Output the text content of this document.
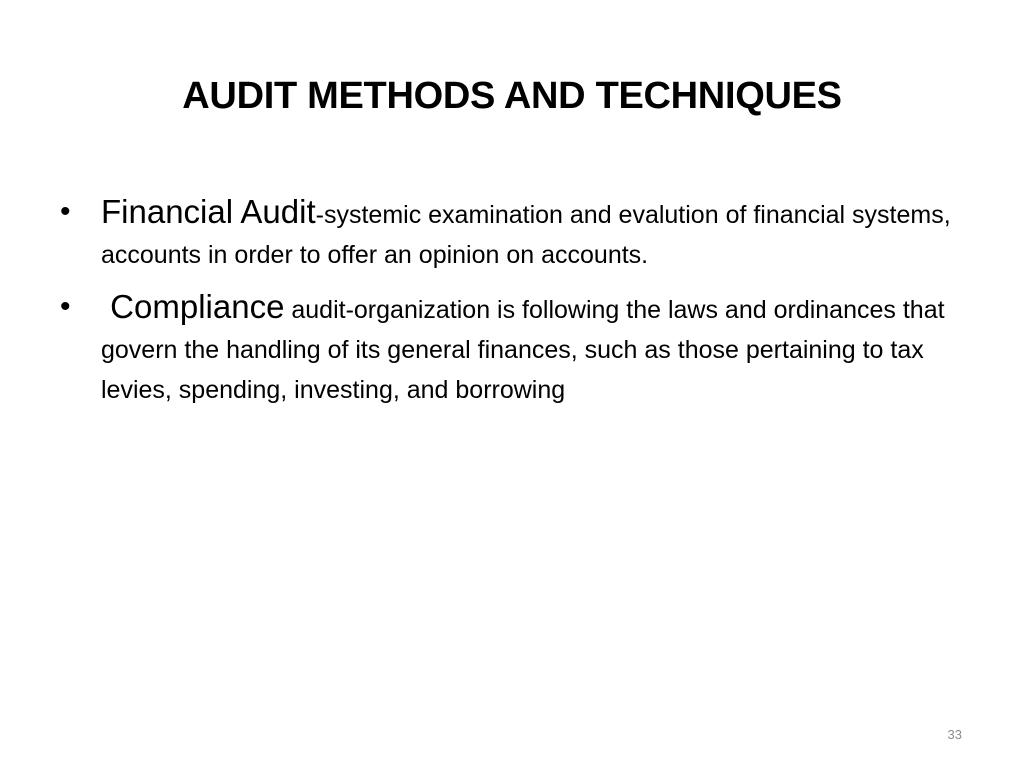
AUDIT METHODS AND TECHNIQUES
• Financial Audit-systemic examination and evalution of financial systems, accounts in order to offer an opinion on accounts.
• Compliance audit-organization is following the laws and ordinances that govern the handling of its general finances, such as those pertaining to tax levies, spending, investing, and borrowing
33
